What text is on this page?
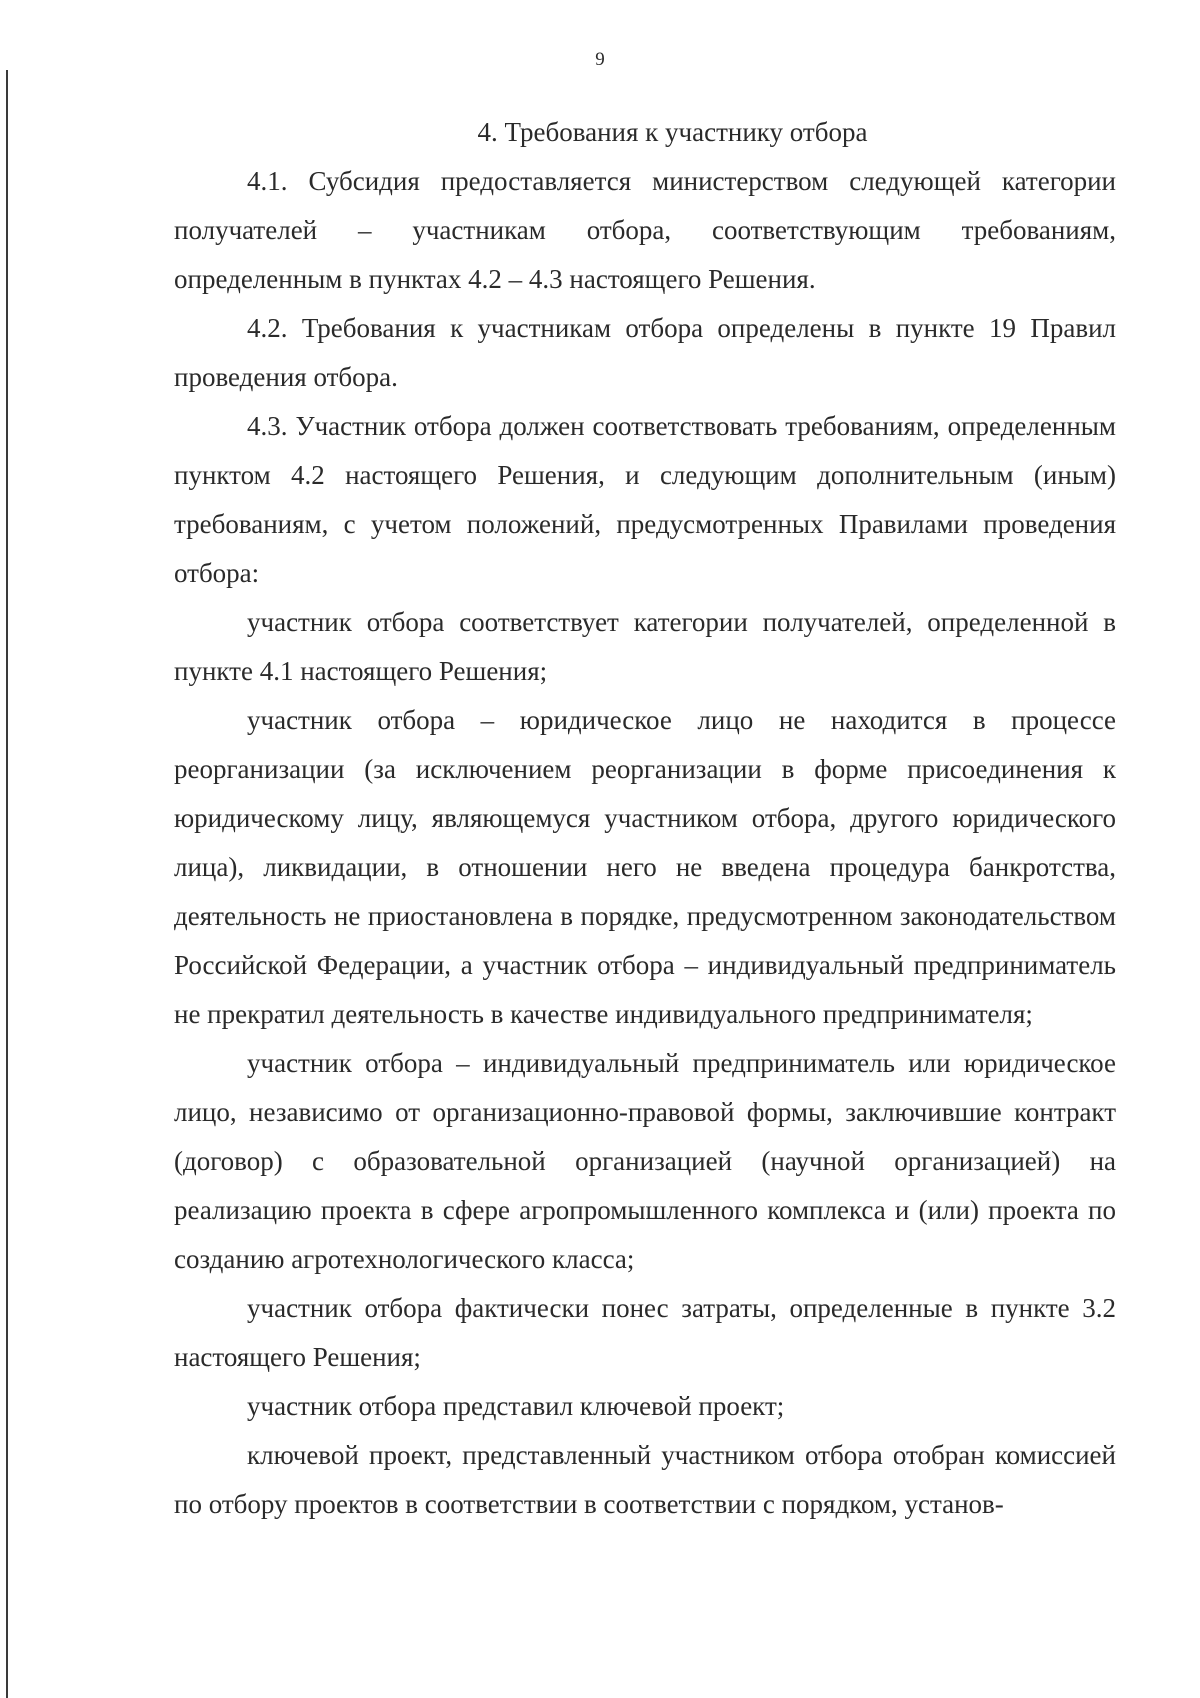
9

4. Требования к участнику отбора

4.1. Субсидия предоставляется министерством следующей категории получателей – участникам отбора, соответствующим требованиям, определенным в пунктах 4.2 – 4.3 настоящего Решения.

4.2. Требования к участникам отбора определены в пункте 19 Правил проведения отбора.

4.3. Участник отбора должен соответствовать требованиям, определенным пунктом 4.2 настоящего Решения, и следующим дополнительным (иным) требованиям, с учетом положений, предусмотренных Правилами проведения отбора:

участник отбора соответствует категории получателей, определенной в пункте 4.1 настоящего Решения;

участник отбора – юридическое лицо не находится в процессе реорганизации (за исключением реорганизации в форме присоединения к юридическому лицу, являющемуся участником отбора, другого юридического лица), ликвидации, в отношении него не введена процедура банкротства, деятельность не приостановлена в порядке, предусмотренном законодательством Российской Федерации, а участник отбора – индивидуальный предприниматель не прекратил деятельность в качестве индивидуального предпринимателя;

участник отбора – индивидуальный предприниматель или юридическое лицо, независимо от организационно-правовой формы, заключившие контракт (договор) с образовательной организацией (научной организацией) на реализацию проекта в сфере агропромышленного комплекса и (или) проекта по созданию агротехнологического класса;

участник отбора фактически понес затраты, определенные в пункте 3.2 настоящего Решения;

участник отбора представил ключевой проект;

ключевой проект, представленный участником отбора отобран комиссией по отбору проектов в соответствии в соответствии с порядком, установ-
